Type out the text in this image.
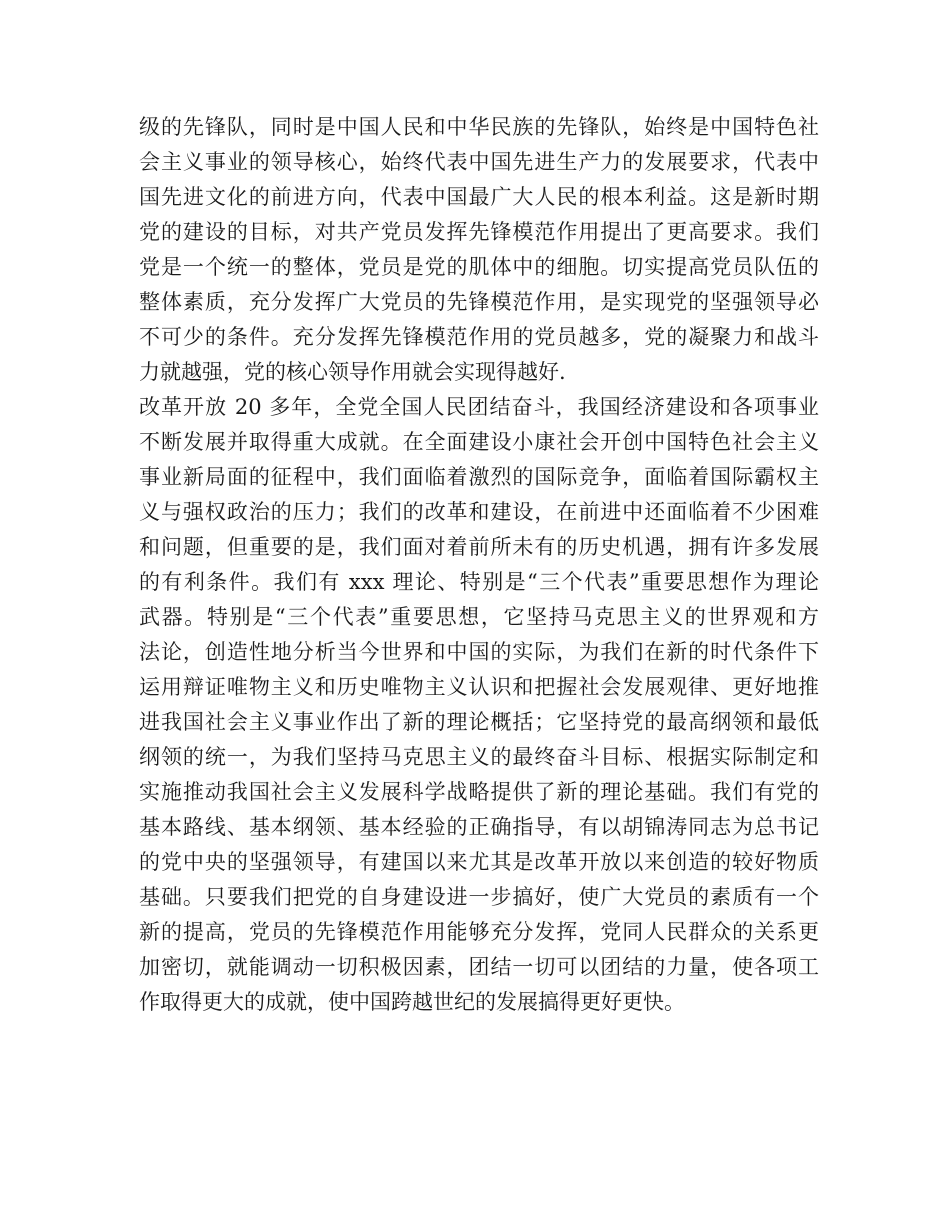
级的先锋队，同时是中国人民和中华民族的先锋队，始终是中国特色社
会主义事业的领导核心，始终代表中国先进生产力的发展要求，代表中
国先进文化的前进方向，代表中国最广大人民的根本利益。这是新时期
党的建设的目标，对共产党员发挥先锋模范作用提出了更高要求。我们
党是一个统一的整体，党员是党的肌体中的细胞。切实提高党员队伍的
整体素质，充分发挥广大党员的先锋模范作用，是实现党的坚强领导必
不可少的条件。充分发挥先锋模范作用的党员越多，党的凝聚力和战斗
力就越强，党的核心领导作用就会实现得越好.
改革开放 20 多年，全党全国人民团结奋斗，我国经济建设和各项事业
不断发展并取得重大成就。在全面建设小康社会开创中国特色社会主义
事业新局面的征程中，我们面临着激烈的国际竞争，面临着国际霸权主
义与强权政治的压力；我们的改革和建设，在前进中还面临着不少困难
和问题，但重要的是，我们面对着前所未有的历史机遇，拥有许多发展
的有利条件。我们有 xxx 理论、特别是“三个代表”重要思想作为理论
武器。特别是“三个代表”重要思想，它坚持马克思主义的世界观和方
法论，创造性地分析当今世界和中国的实际，为我们在新的时代条件下
运用辩证唯物主义和历史唯物主义认识和把握社会发展观律、更好地推
进我国社会主义事业作出了新的理论概括；它坚持党的最高纲领和最低
纲领的统一，为我们坚持马克思主义的最终奋斗目标、根据实际制定和
实施推动我国社会主义发展科学战略提供了新的理论基础。我们有党的
基本路线、基本纲领、基本经验的正确指导，有以胡锦涛同志为总书记
的党中央的坚强领导，有建国以来尤其是改革开放以来创造的较好物质
基础。只要我们把党的自身建设进一步搞好，使广大党员的素质有一个
新的提高，党员的先锋模范作用能够充分发挥，党同人民群众的关系更
加密切，就能调动一切积极因素，团结一切可以团结的力量，使各项工
作取得更大的成就，使中国跨越世纪的发展搞得更好更快。
